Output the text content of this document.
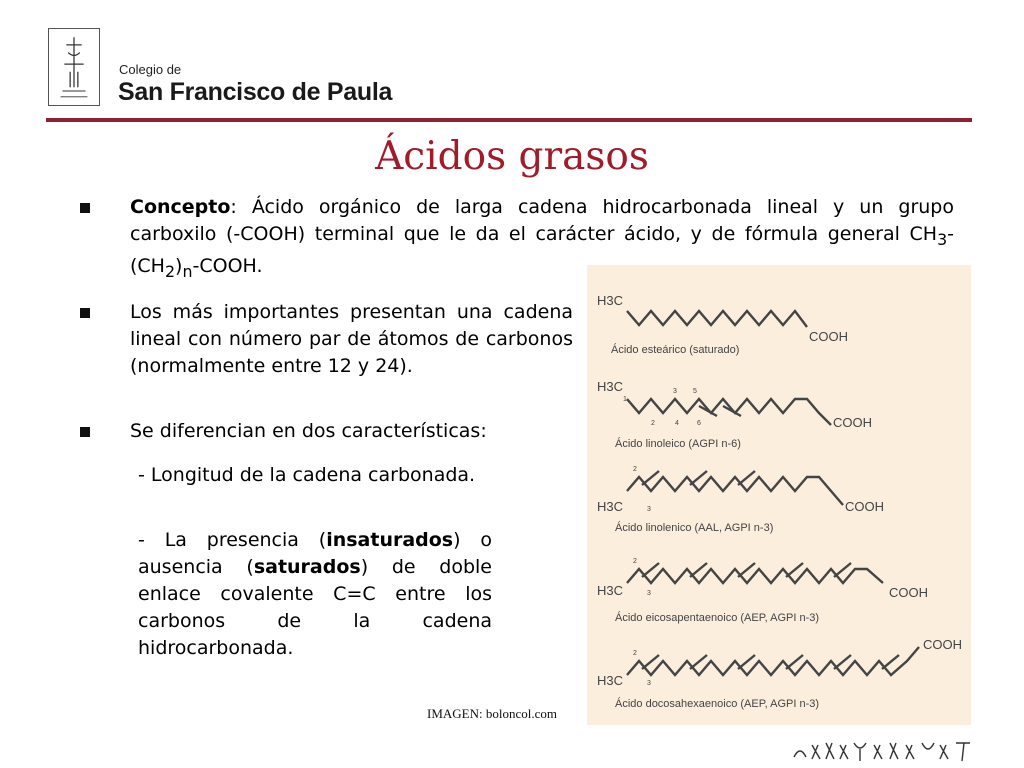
Colegio de
San Francisco de Paula
Ácidos grasos
Concepto: Ácido orgánico de larga cadena hidrocarbonada lineal y un grupo carboxilo (-COOH) terminal que le da el carácter ácido, y de fórmula general $CH_3-(CH_2)_n$-COOH.
Los más importantes presentan una cadena lineal con número par de átomos de carbonos (normalmente entre 12 y 24).
Se diferencian en dos características:
- Longitud de la cadena carbonada.
- La presencia (insaturados) o ausencia (saturados) de doble enlace covalente C=C entre los carbonos de la cadena hidrocarbonada.
H3C
COOH
Ácido esteárico (saturado)
H3C
1
2
3
4
5
6	COOH
Ácido linoleico (AGPI n-6)
2
H3C	3	COOH
Ácido linolenico (AAL, AGPI n-3)
2
H3C	3	COOH
Ácido eicosapentaenoico (AEP, AGPI n-3)
2
COOH
H3C	3
Ácido docosahexaenoico (AEP, AGPI n-3)
IMAGEN: boloncol.com
